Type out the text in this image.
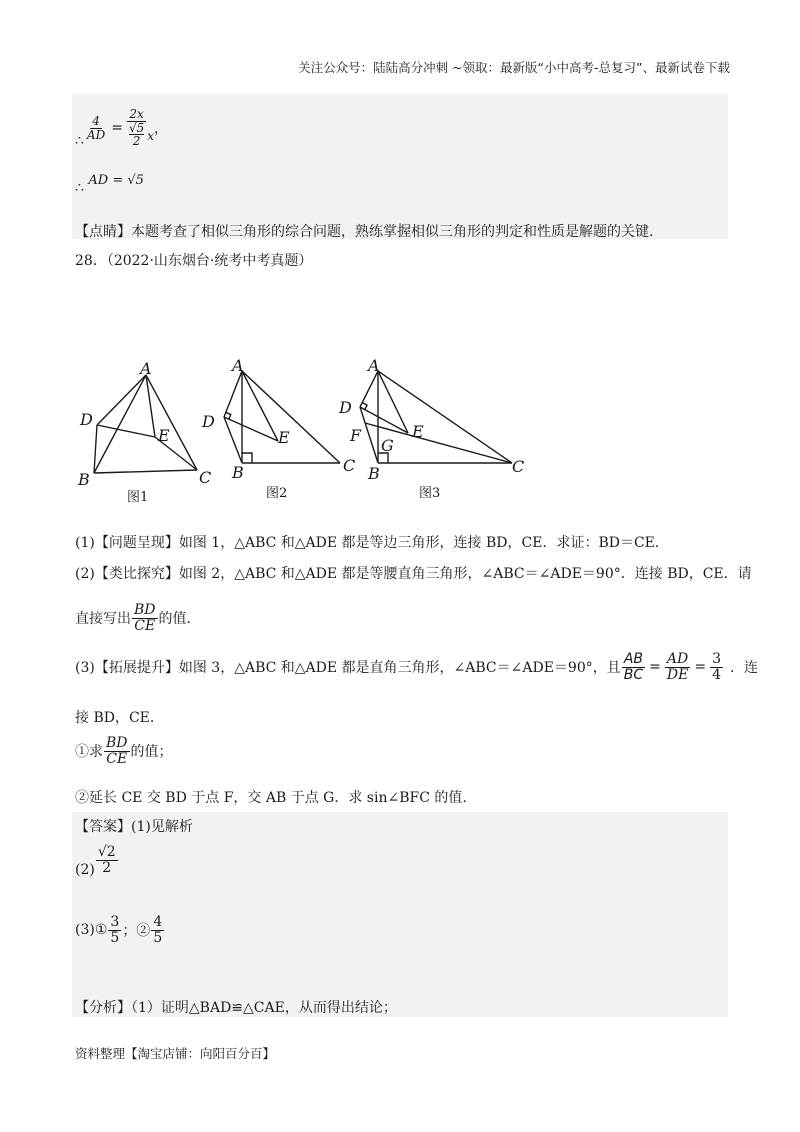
关注公众号：陆陆高分冲刺 ~领取：最新版“小中高考-总复习”、最新试卷下载
∴ $\frac{4}{AD} = 2x$
√5
2 x ，
∴ AD = √5
【点睛】本题考查了相似三角形的综合问题，熟练掌握相似三角形的判定和性质是解题的关键.
28．（2022·山东烟台·统考中考真题）
A
D
E
B	C
A
D
E
B	C
A
D
E
F
G
B	C
图1	图2	图3
(1)【问题呈现】如图 1，△ABC 和△ADE 都是等边三角形，连接 BD，CE．求证：BD＝CE．
(2)【类比探究】如图 2，△ABC 和△ADE 都是等腰直角三角形，∠ABC＝∠ADE＝90°．连接 BD，CE．请
直接写出 $\frac{BD}{CE}$ 的值．
(3)【拓展提升】如图 3，△ABC 和△ADE 都是直角三角形，∠ABC＝∠ADE＝90°，且 $\frac{AB}{BC} = \frac{AD}{DE} = \frac{3}{4}$ ．连
接 BD，CE．
①求 $\frac{BD}{CE}$ 的值；
②延长 CE 交 BD 于点 F，交 AB 于点 G．求 sin∠BFC 的值.
【答案】(1)见解析
$(2) \frac{√2}{2}$
(3)① $\frac{3}{5}$ ；② $\frac{4}{5}$
【分析】（1）证明△BAD≌△CAE，从而得出结论；
资料整理【淘宝店铺：向阳百分百】
